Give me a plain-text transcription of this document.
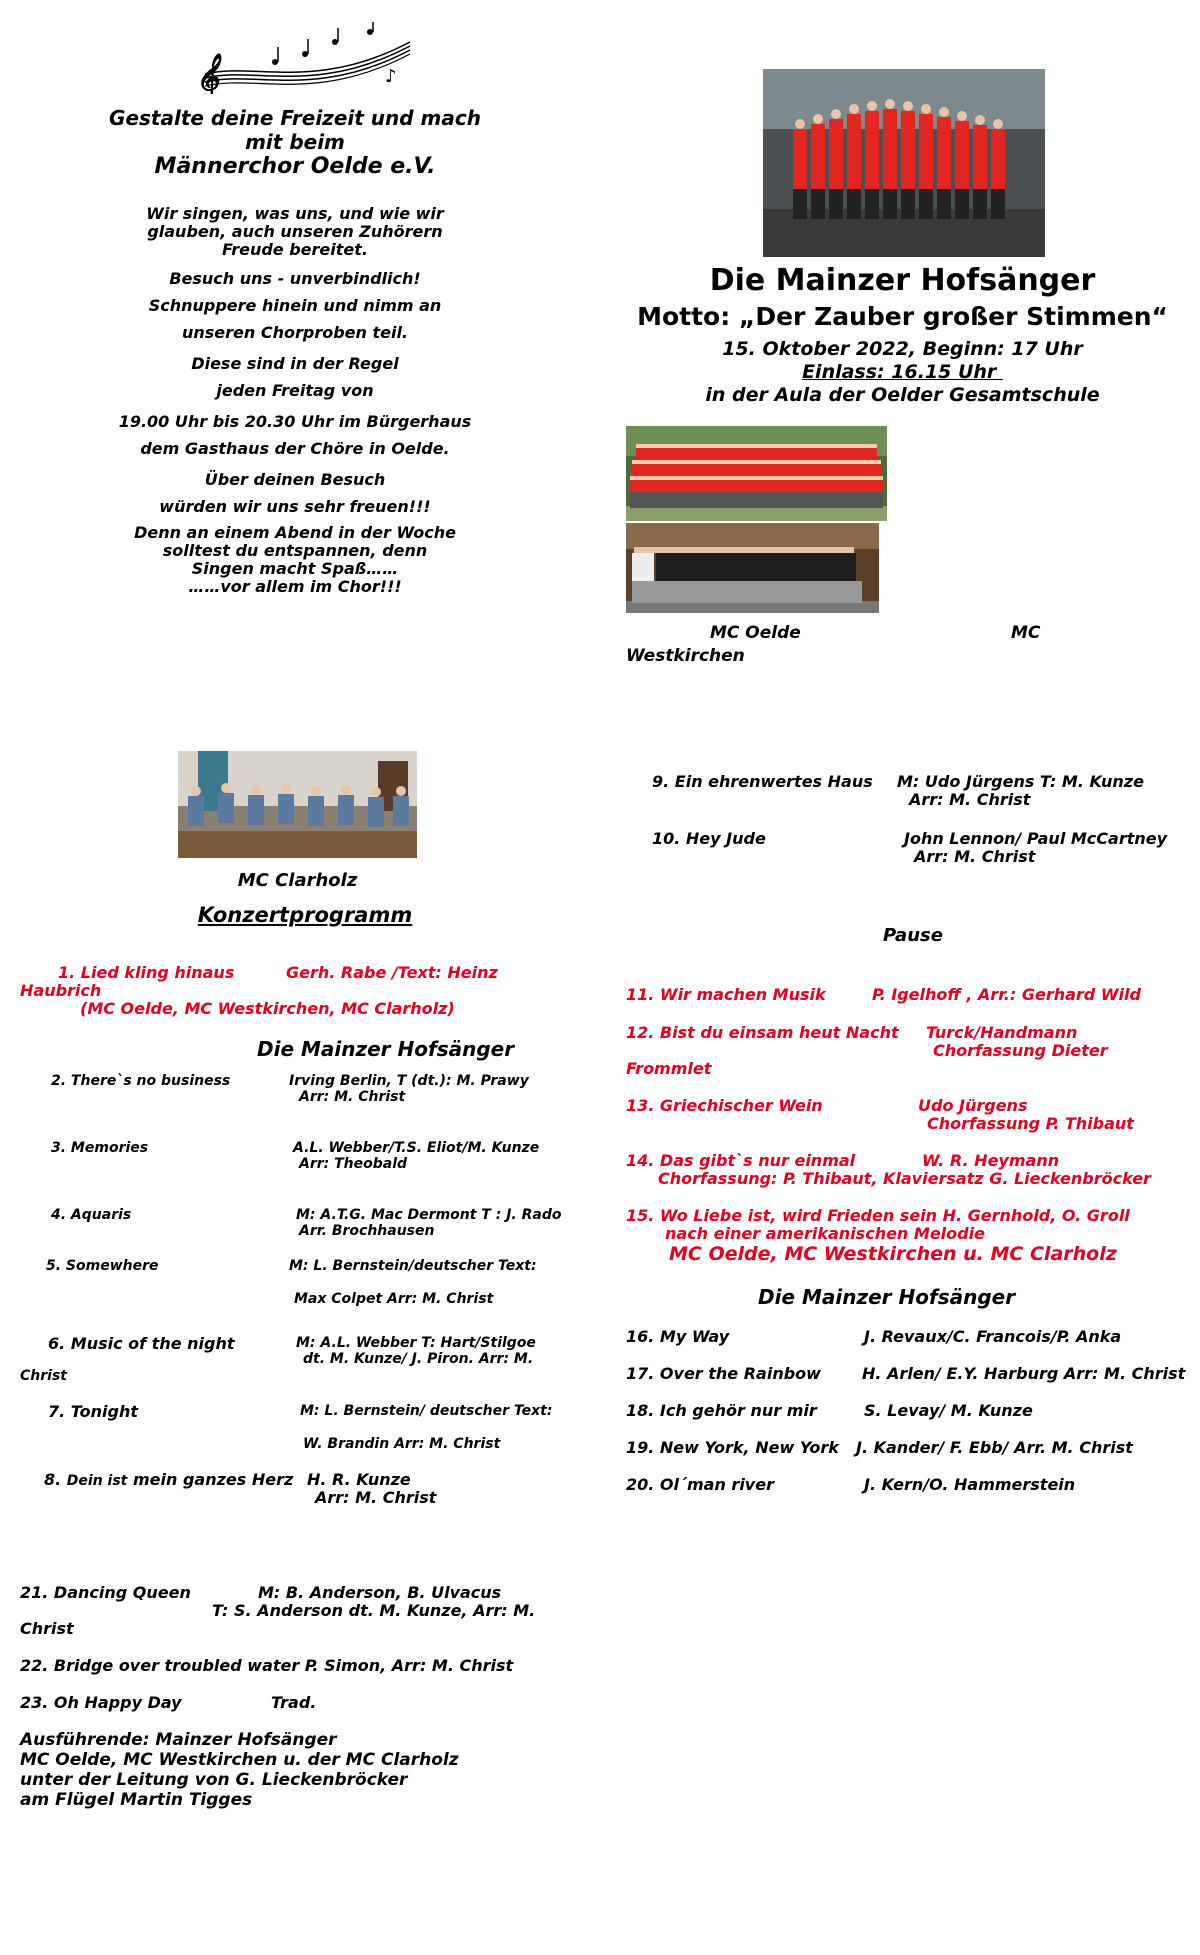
𝄞	♪
Gestalte deine Freizeit und mach
mit beim
Männerchor Oelde e.V.
Wir singen, was uns, und wie wir
glauben, auch unseren Zuhörern
Freude bereitet.
Besuch uns - unverbindlich!
Schnuppere hinein und nimm an
unseren Chorproben teil.
Diese sind in der Regel
jeden Freitag von
19.00 Uhr bis 20.30 Uhr im Bürgerhaus
dem Gasthaus der Chöre in Oelde.
Über deinen Besuch
würden wir uns sehr freuen!!!
Denn an einem Abend in der Woche
solltest du entspannen, denn
Singen macht Spaß……
……vor allem im Chor!!!
Die Mainzer Hofsänger
Motto: „Der Zauber großer Stimmen“
15. Oktober 2022, Beginn: 17 Uhr
Einlass: 16.15 Uhr
in der Aula der Oelder Gesamtschule
MC Oelde	MC
Westkirchen
MC Clarholz
Konzertprogramm
1. Lied kling hinaus	Gerh. Rabe /Text: Heinz
Haubrich
(MC Oelde, MC Westkirchen, MC Clarholz)
Die Mainzer Hofsänger
2. There`s no business	Irving Berlin, T (dt.): M. Prawy
Arr: M. Christ
3. Memories	A.L. Webber/T.S. Eliot/M. Kunze
Arr: Theobald
4. Aquaris	M: A.T.G. Mac Dermont T : J. Rado
Arr. Brochhausen
5. Somewhere	M: L. Bernstein/deutscher Text:
Max Colpet Arr: M. Christ
6. Music of the night	M: A.L. Webber T: Hart/Stilgoe
dt. M. Kunze/ J. Piron. Arr: M.
Christ
7. Tonight	M: L. Bernstein/ deutscher Text:
W. Brandin Arr: M. Christ
8. Dein ist mein ganzes Herz H. R. Kunze
Arr: M. Christ
9. Ein ehrenwertes Haus M: Udo Jürgens T: M. Kunze
Arr: M. Christ
10. Hey Jude	John Lennon/ Paul McCartney
Arr: M. Christ
Pause
11. Wir machen Musik	P. Igelhoff , Arr.: Gerhard Wild
12. Bist du einsam heut Nacht Turck/Handmann
Chorfassung Dieter
Frommlet
13. Griechischer Wein	Udo Jürgens
Chorfassung P. Thibaut
14. Das gibt`s nur einmal	W. R. Heymann
Chorfassung: P. Thibaut, Klaviersatz G. Lieckenbröcker
15. Wo Liebe ist, wird Frieden sein H. Gernhold, O. Groll
nach einer amerikanischen Melodie
MC Oelde, MC Westkirchen u. MC Clarholz
Die Mainzer Hofsänger
16. My Way	J. Revaux/C. Francois/P. Anka
17. Over the Rainbow	H. Arlen/ E.Y. Harburg Arr: M. Christ
18. Ich gehör nur mir	S. Levay/ M. Kunze
19. New York, New York J. Kander/ F. Ebb/ Arr. M. Christ
20. Ol´man river	J. Kern/O. Hammerstein
21. Dancing Queen	M: B. Anderson, B. Ulvacus
T: S. Anderson dt. M. Kunze, Arr: M.
Christ
22. Bridge over troubled water P. Simon, Arr: M. Christ
23. Oh Happy Day	Trad.
Ausführende: Mainzer Hofsänger
MC Oelde, MC Westkirchen u. der MC Clarholz
unter der Leitung von G. Lieckenbröcker
am Flügel Martin Tigges
